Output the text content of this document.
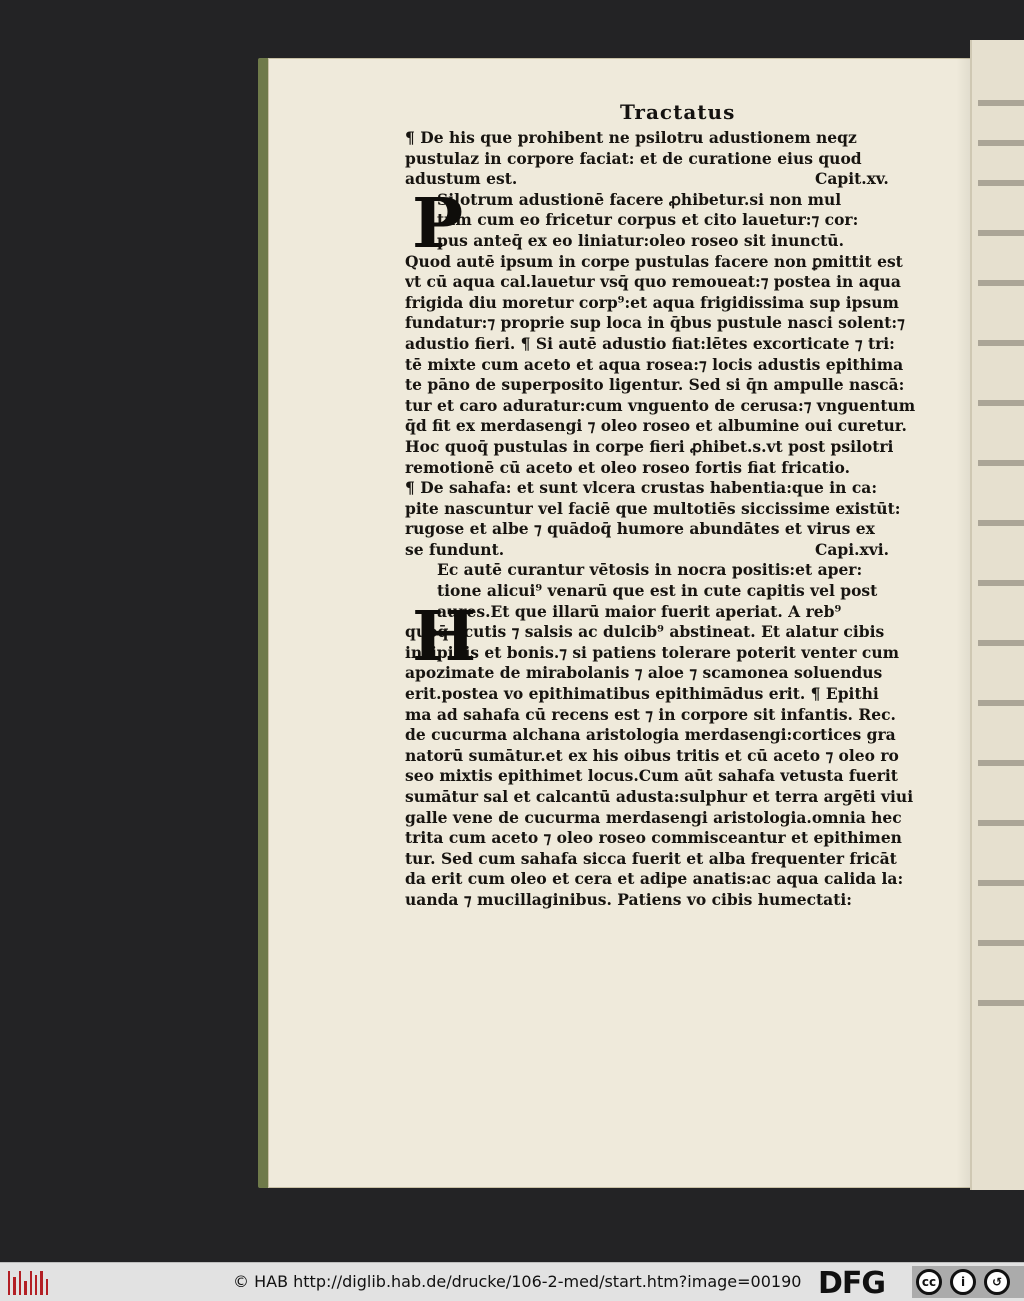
Tractatus
¶ De his que prohibent ne psilotru adustionem neqz
pustulaz in corpore faciat: et de curatione eius quod
adustum est.	Capit.xv.
Silotrum adustionē facere ꝓhibetur.si non mul
tum cum eo fricetur corpus et cito lauetur:⁊ cor:
pus anteq̄ ex eo liniatur:oleo roseo sit inunctū.
Quod autē ipsum in corpe pustulas facere non ꝑmittit est
vt cū aqua cal.lauetur vsq̄ quo remoueat:⁊ postea in aqua
frigida diu moretur corp⁹:et aqua frigidissima sup ipsum
fundatur:⁊ proprie sup loca in q̄bus pustule nasci solent:⁊
adustio fieri. ¶ Si autē adustio fiat:lētes excorticate ⁊ tri:
tē mixte cum aceto et aqua rosea:⁊ locis adustis epithima
te pāno de superposito ligentur. Sed si q̄n ampulle nascā:
tur et caro aduratur:cum vnguento de cerusa:⁊ vnguentum
q̄d fit ex merdasengi ⁊ oleo roseo et albumine oui curetur.
Hoc quoq̄ pustulas in corpe fieri ꝓhibet.s.vt post psilotri
remotionē cū aceto et oleo roseo fortis fiat fricatio.
¶ De sahafa: et sunt vlcera crustas habentia:que in ca:
pite nascuntur vel faciē que multotiēs siccissime existūt:
rugose et albe ⁊ quādoq̄ humore abundātes et virus ex
se fundunt.	Capi.xvi.
Ec autē curantur vētosis in nocra positis:et aper:
tione alicui⁹ venarū que est in cute capitis vel post
aures.Et que illarū maior fuerit aperiat. A reb⁹
quoq̄ acutis ⁊ salsis ac dulcib⁹ abstineat. Et alatur cibis
insipidis et bonis.⁊ si patiens tolerare poterit venter cum
apozimate de mirabolanis ⁊ aloe ⁊ scamonea soluendus
erit.postea vo epithimatibus epithimādus erit. ¶ Epithi
ma ad sahafa cū recens est ⁊ in corpore sit infantis. Rec.
de cucurma alchana aristologia merdasengi:cortices gra
natorū sumātur.et ex his oibus tritis et cū aceto ⁊ oleo ro
seo mixtis epithimet locus.Cum aūt sahafa vetusta fuerit
sumātur sal et calcantū adusta:sulphur et terra argēti viui
galle vene de cucurma merdasengi aristologia.omnia hec
trita cum aceto ⁊ oleo roseo commisceantur et epithimen
tur. Sed cum sahafa sicca fuerit et alba frequenter fricāt
da erit cum oleo et cera et adipe anatis:ac aqua calida la:
uanda ⁊ mucillaginibus. Patiens vo cibis humectati:
P
H
© HAB http://diglib.hab.de/drucke/106-2-med/start.htm?image=00190 DFG	cc	i	↺
